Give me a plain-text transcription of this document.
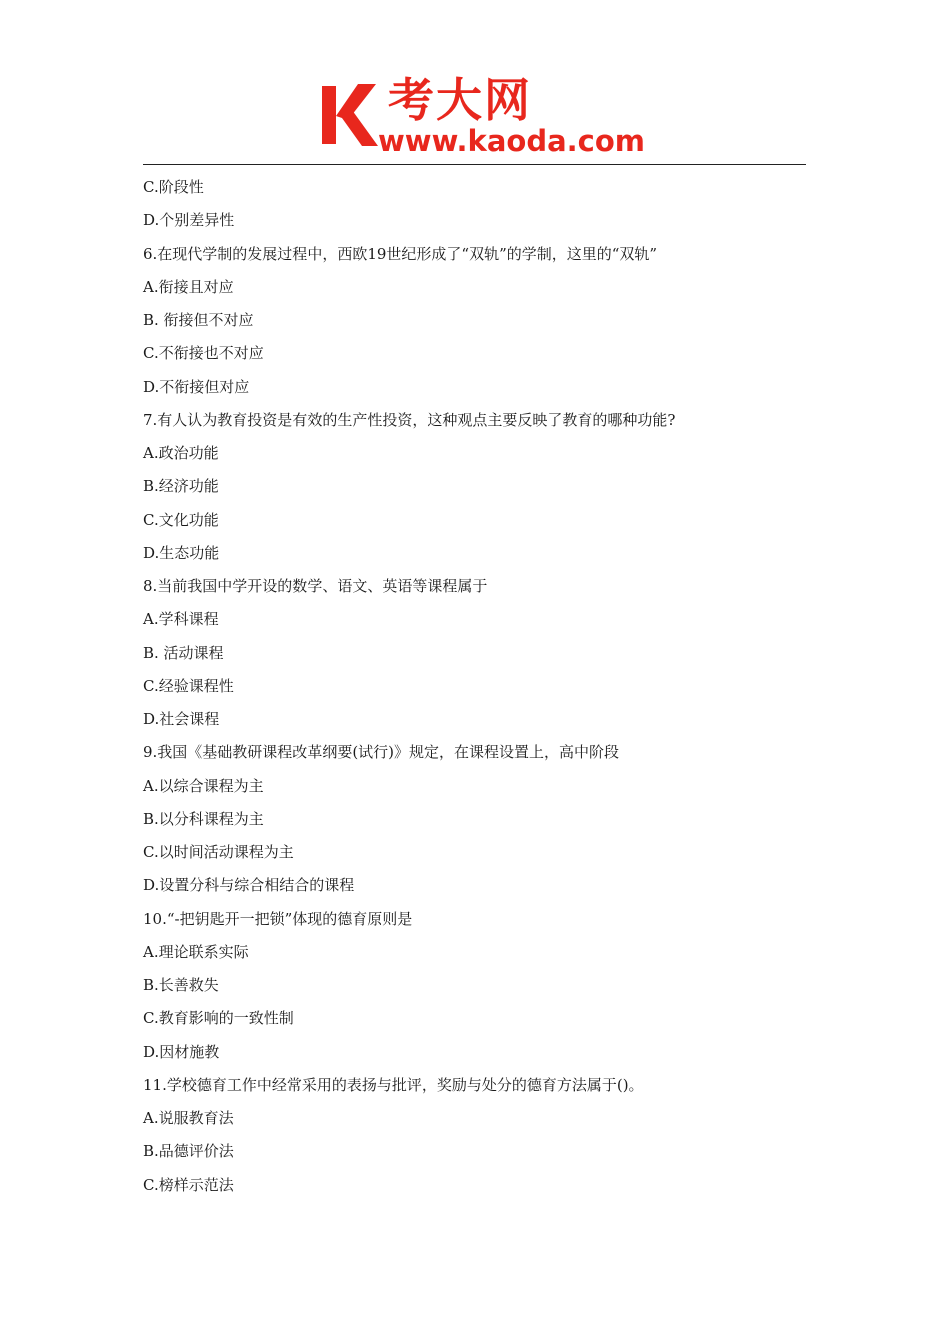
考大网
www.kaoda.com
C.阶段性
D.个别差异性
6.在现代学制的发展过程中，西欧19世纪形成了“双轨”的学制，这里的“双轨”
A.衔接且对应
B. 衔接但不对应
C.不衔接也不对应
D.不衔接但对应
7.有人认为教育投资是有效的生产性投资，这种观点主要反映了教育的哪种功能?
A.政治功能
B.经济功能
C.文化功能
D.生态功能
8.当前我国中学开设的数学、语文、英语等课程属于
A.学科课程
B. 活动课程
C.经验课程性
D.社会课程
9.我国《基础教研课程改革纲要(试行)》规定，在课程设置上，高中阶段
A.以综合课程为主
B.以分科课程为主
C.以时间活动课程为主
D.设置分科与综合相结合的课程
10.“-把钥匙开一把锁”体现的德育原则是
A.理论联系实际
B.长善救失
C.教育影响的一致性制
D.因材施教
11.学校德育工作中经常采用的表扬与批评，奖励与处分的德育方法属于()。
A.说服教育法
B.品德评价法
C.榜样示范法
